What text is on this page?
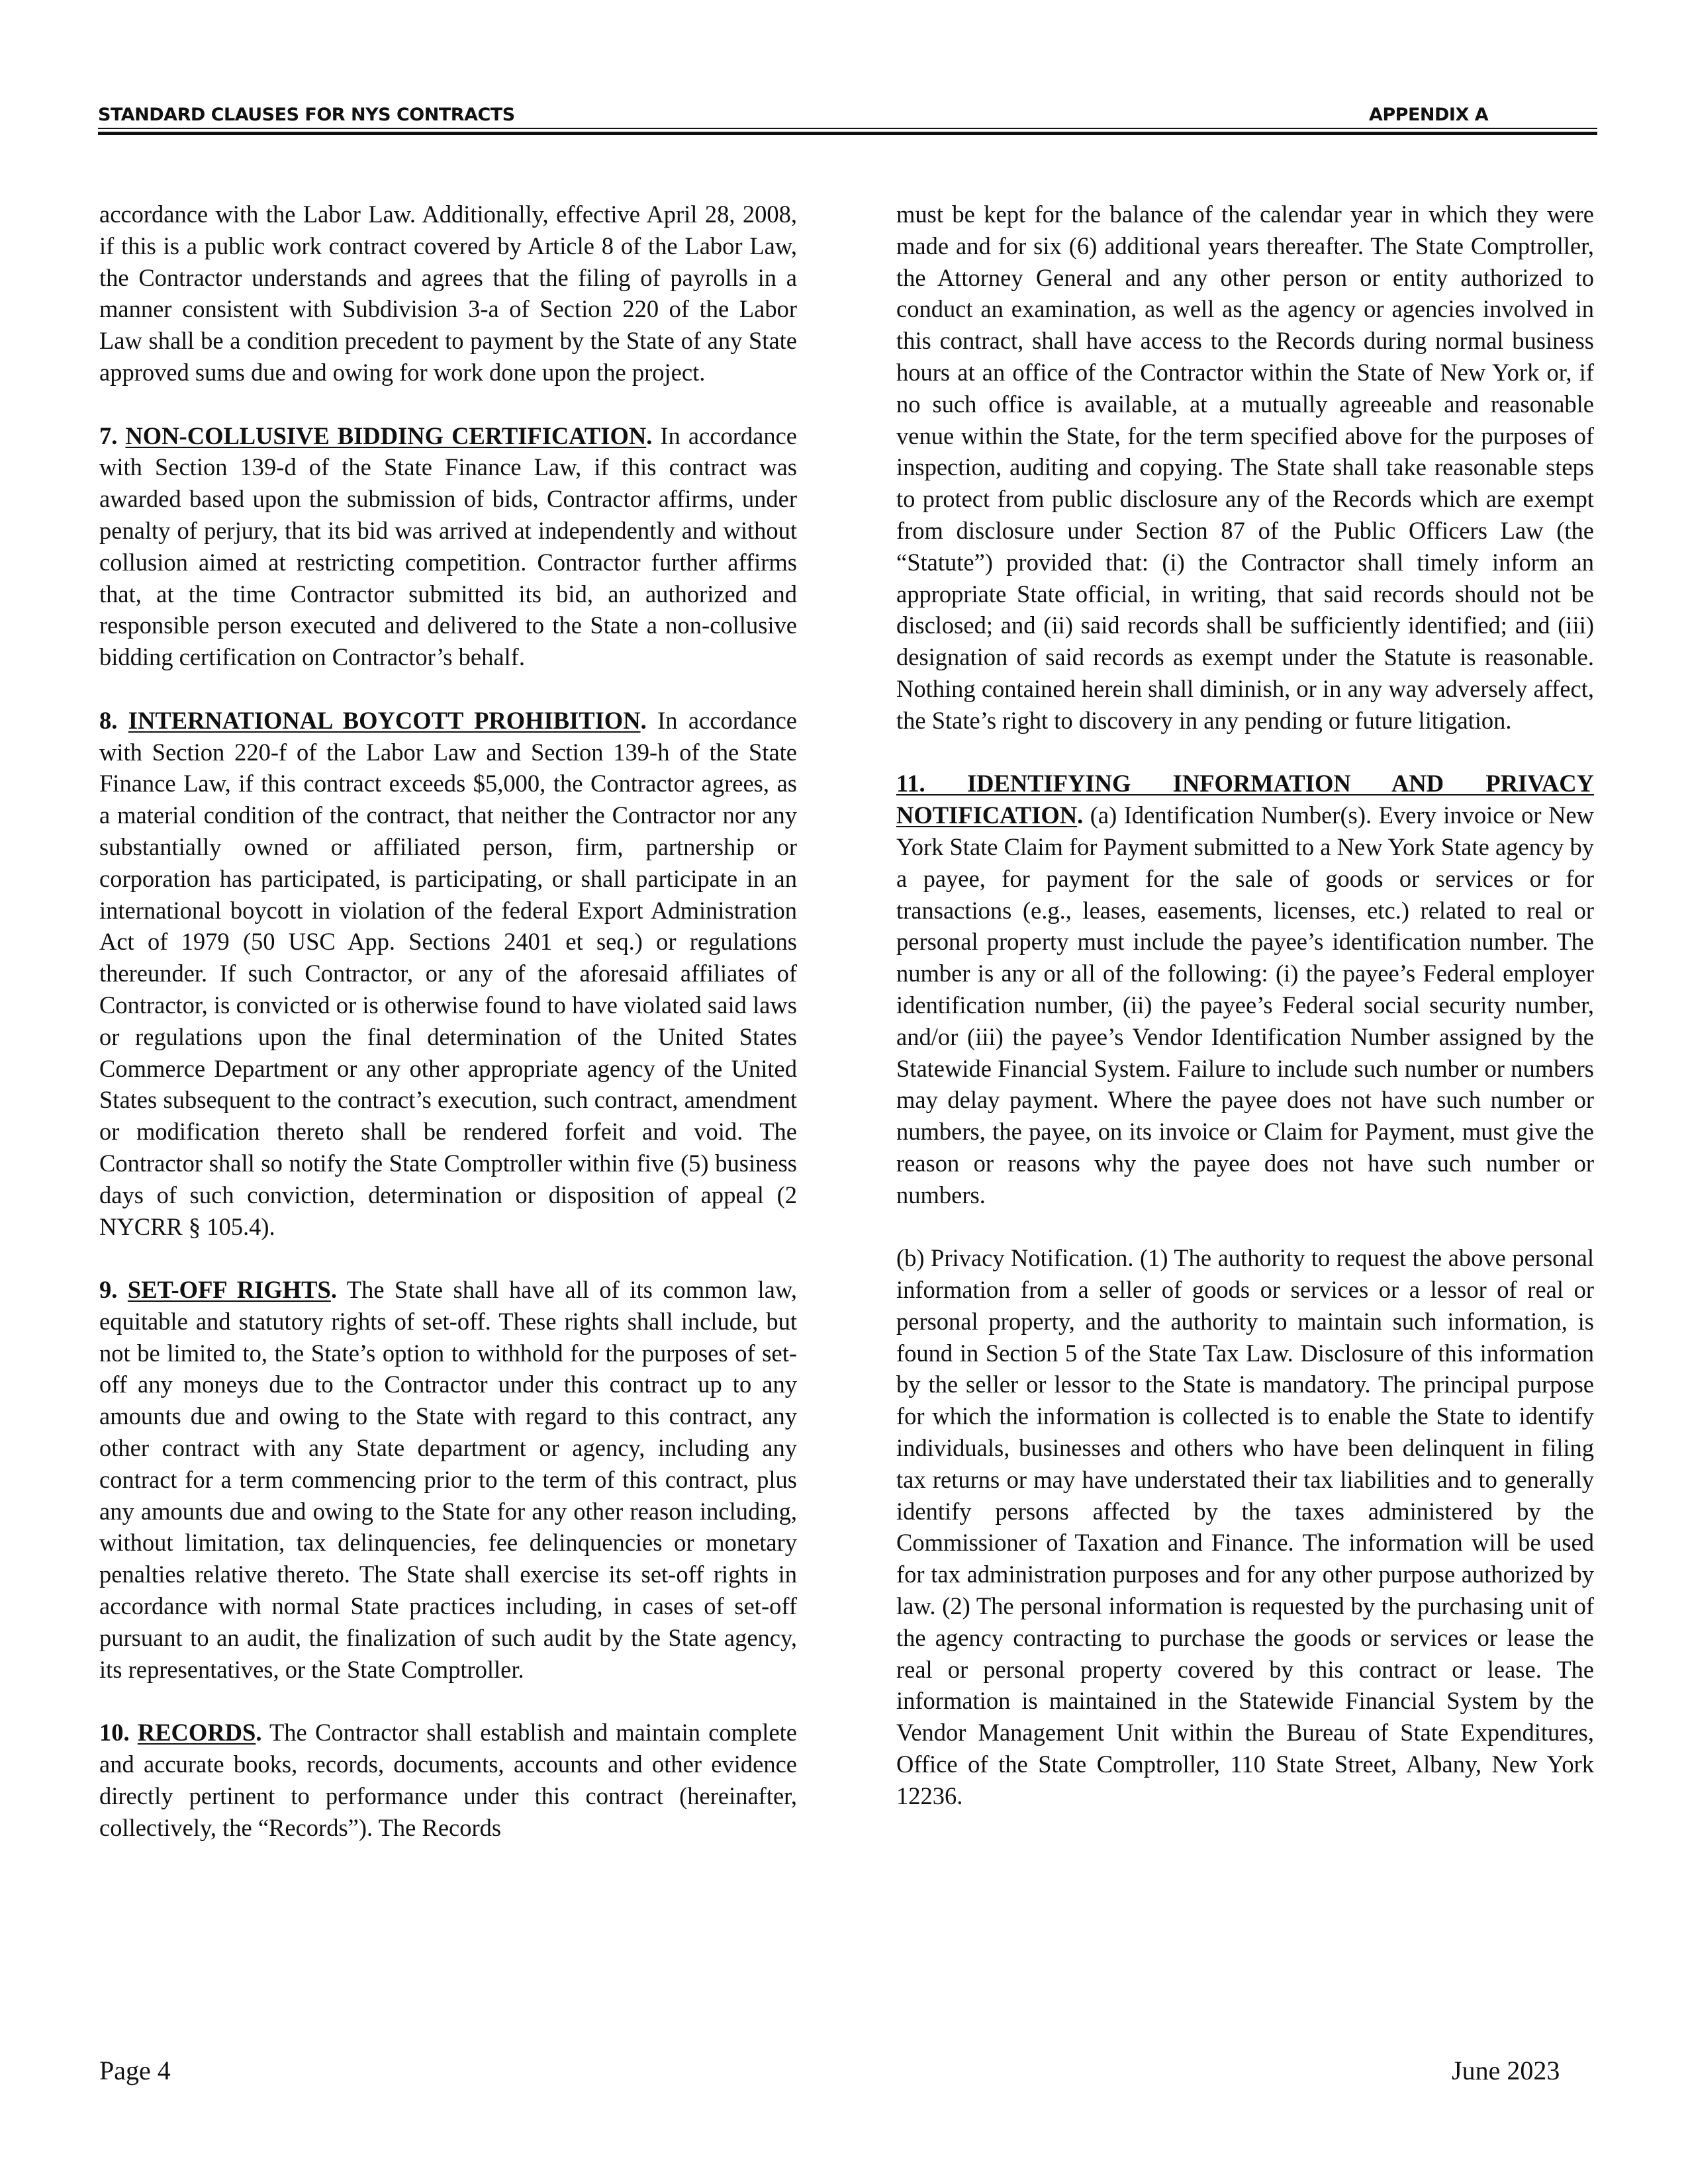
STANDARD CLAUSES FOR NYS CONTRACTS	APPENDIX A

accordance with the Labor Law. Additionally, effective April 28, 2008, if this is a public work contract covered by Article 8 of the Labor Law, the Contractor understands and agrees that the filing of payrolls in a manner consistent with Subdivision 3-a of Section 220 of the Labor Law shall be a condition precedent to payment by the State of any State approved sums due and owing for work done upon the project.

7. NON-COLLUSIVE BIDDING CERTIFICATION. In accordance with Section 139-d of the State Finance Law, if this contract was awarded based upon the submission of bids, Contractor affirms, under penalty of perjury, that its bid was arrived at independently and without collusion aimed at restricting competition. Contractor further affirms that, at the time Contractor submitted its bid, an authorized and responsible person executed and delivered to the State a non-collusive bidding certification on Contractor’s behalf.

8. INTERNATIONAL BOYCOTT PROHIBITION. In accordance with Section 220-f of the Labor Law and Section 139-h of the State Finance Law, if this contract exceeds $5,000, the Contractor agrees, as a material condition of the contract, that neither the Contractor nor any substantially owned or affiliated person, firm, partnership or corporation has participated, is participating, or shall participate in an international boycott in violation of the federal Export Administration Act of 1979 (50 USC App. Sections 2401 et seq.) or regulations thereunder. If such Contractor, or any of the aforesaid affiliates of Contractor, is convicted or is otherwise found to have violated said laws or regulations upon the final determination of the United States Commerce Department or any other appropriate agency of the United States subsequent to the contract’s execution, such contract, amendment or modification thereto shall be rendered forfeit and void. The Contractor shall so notify the State Comptroller within five (5) business days of such conviction, determination or disposition of appeal (2 NYCRR § 105.4).

9. SET-OFF RIGHTS. The State shall have all of its common law, equitable and statutory rights of set-off. These rights shall include, but not be limited to, the State’s option to withhold for the purposes of set-off any moneys due to the Contractor under this contract up to any amounts due and owing to the State with regard to this contract, any other contract with any State department or agency, including any contract for a term commencing prior to the term of this contract, plus any amounts due and owing to the State for any other reason including, without limitation, tax delinquencies, fee delinquencies or monetary penalties relative thereto. The State shall exercise its set-off rights in accordance with normal State practices including, in cases of set-off pursuant to an audit, the finalization of such audit by the State agency, its representatives, or the State Comptroller.

10. RECORDS. The Contractor shall establish and maintain complete and accurate books, records, documents, accounts and other evidence directly pertinent to performance under this contract (hereinafter, collectively, the “Records”). The Records

must be kept for the balance of the calendar year in which they were made and for six (6) additional years thereafter. The State Comptroller, the Attorney General and any other person or entity authorized to conduct an examination, as well as the agency or agencies involved in this contract, shall have access to the Records during normal business hours at an office of the Contractor within the State of New York or, if no such office is available, at a mutually agreeable and reasonable venue within the State, for the term specified above for the purposes of inspection, auditing and copying. The State shall take reasonable steps to protect from public disclosure any of the Records which are exempt from disclosure under Section 87 of the Public Officers Law (the “Statute”) provided that: (i) the Contractor shall timely inform an appropriate State official, in writing, that said records should not be disclosed; and (ii) said records shall be sufficiently identified; and (iii) designation of said records as exempt under the Statute is reasonable. Nothing contained herein shall diminish, or in any way adversely affect, the State’s right to discovery in any pending or future litigation.

11. IDENTIFYING INFORMATION AND PRIVACY NOTIFICATION. (a) Identification Number(s). Every invoice or New York State Claim for Payment submitted to a New York State agency by a payee, for payment for the sale of goods or services or for transactions (e.g., leases, easements, licenses, etc.) related to real or personal property must include the payee’s identification number. The number is any or all of the following: (i) the payee’s Federal employer identification number, (ii) the payee’s Federal social security number, and/or (iii) the payee’s Vendor Identification Number assigned by the Statewide Financial System. Failure to include such number or numbers may delay payment. Where the payee does not have such number or numbers, the payee, on its invoice or Claim for Payment, must give the reason or reasons why the payee does not have such number or numbers.

(b) Privacy Notification. (1) The authority to request the above personal information from a seller of goods or services or a lessor of real or personal property, and the authority to maintain such information, is found in Section 5 of the State Tax Law. Disclosure of this information by the seller or lessor to the State is mandatory. The principal purpose for which the information is collected is to enable the State to identify individuals, businesses and others who have been delinquent in filing tax returns or may have understated their tax liabilities and to generally identify persons affected by the taxes administered by the Commissioner of Taxation and Finance. The information will be used for tax administration purposes and for any other purpose authorized by law. (2) The personal information is requested by the purchasing unit of the agency contracting to purchase the goods or services or lease the real or personal property covered by this contract or lease. The information is maintained in the Statewide Financial System by the Vendor Management Unit within the Bureau of State Expenditures, Office of the State Comptroller, 110 State Street, Albany, New York 12236.

Page 4	June 2023
